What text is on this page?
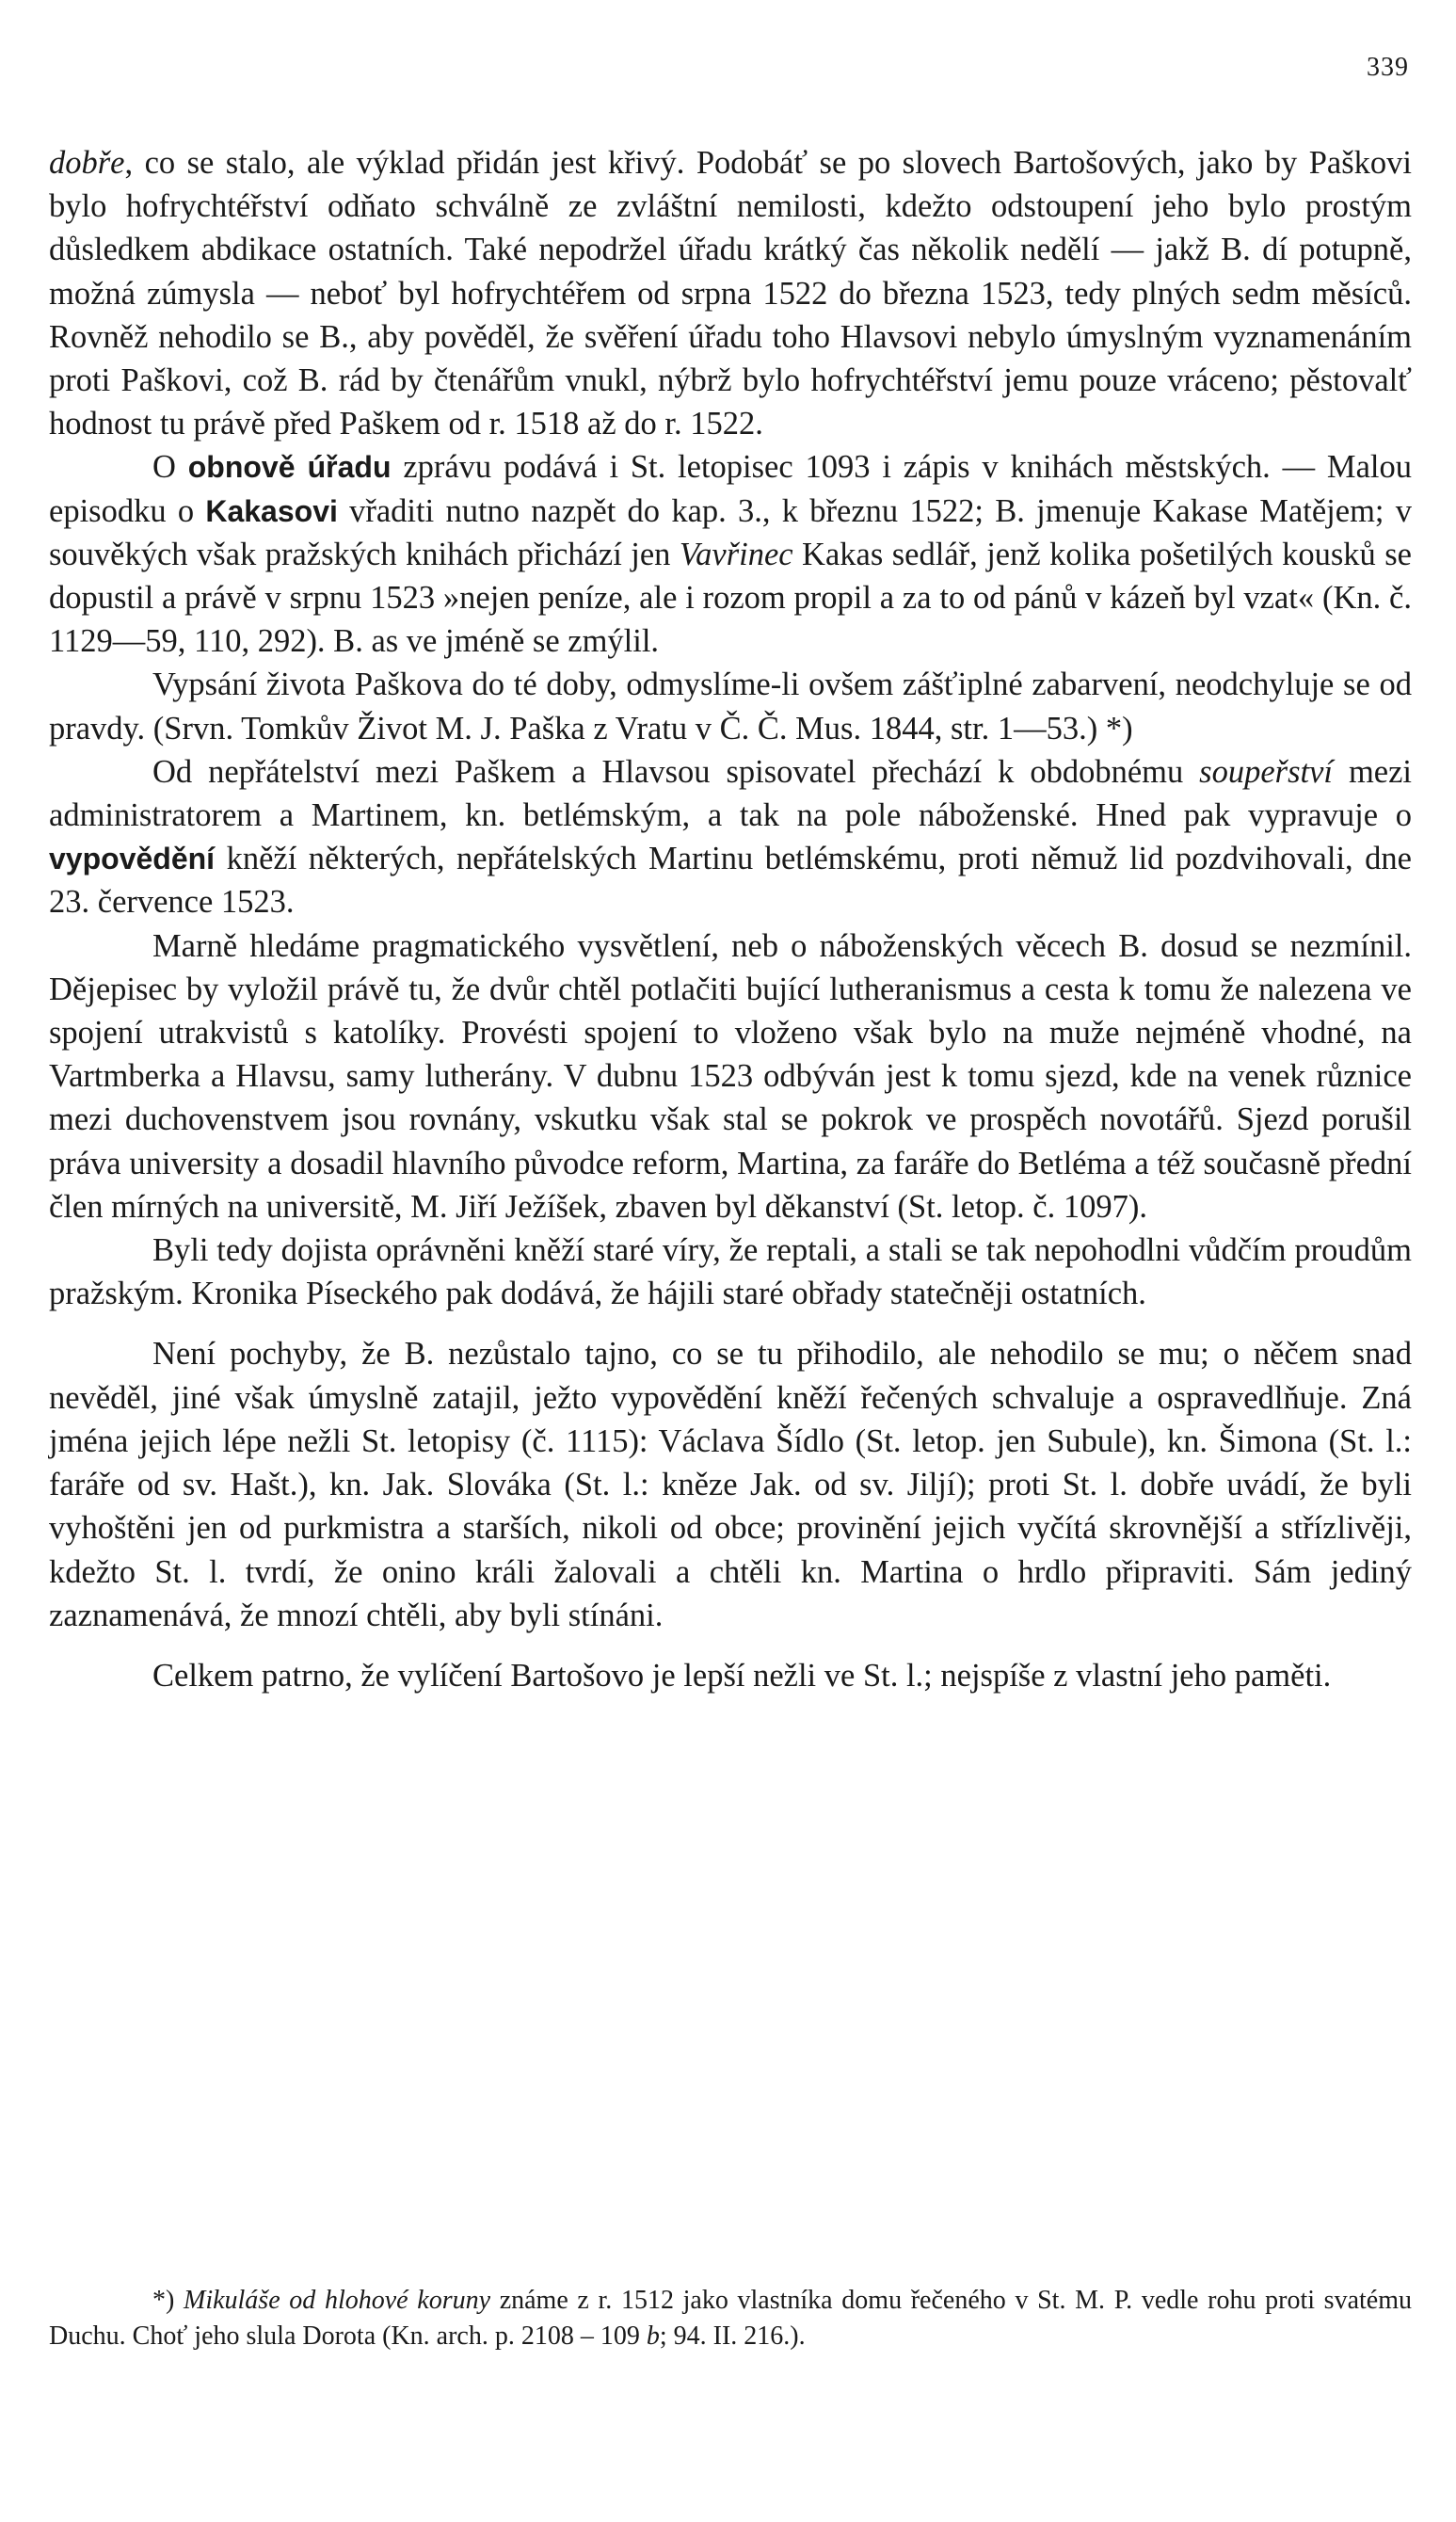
339

dobře, co se stalo, ale výklad přidán jest křivý. Podobáť se po slovech Bartošových, jako by Paškovi bylo hofrychtéřství odňato schválně ze zvláštní nemilosti, kdežto odstoupení jeho bylo prostým důsledkem abdikace ostatních. Také nepodržel úřadu krátký čas několik nedělí — jakž B. dí potupně, možná zúmysla — neboť byl hofrychtéřem od srpna 1522 do března 1523, tedy plných sedm měsíců. Rovněž nehodilo se B., aby pověděl, že svěření úřadu toho Hlavsovi nebylo úmyslným vyznamenáním proti Paškovi, což B. rád by čtenářům vnukl, nýbrž bylo hofrychtéřství jemu pouze vráceno; pěstovalť hodnost tu právě před Paškem od r. 1518 až do r. 1522.

O obnově úřadu zprávu podává i St. letopisec 1093 i zápis v knihách městských. — Malou episodku o Kakasovi vřaditi nutno nazpět do kap. 3., k březnu 1522; B. jmenuje Kakase Matějem; v souvěkých však pražských knihách přichází jen Vavřinec Kakas sedlář, jenž kolika pošetilých kousků se dopustil a právě v srpnu 1523 »nejen peníze, ale i rozom propil a za to od pánů v kázeň byl vzat« (Kn. č. 1129—59, 110, 292). B. as ve jméně se zmýlil.

Vypsání života Paškova do té doby, odmyslíme-li ovšem zášťiplné zabarvení, neodchyluje se od pravdy. (Srvn. Tomkův Život M. J. Paška z Vratu v Č. Č. Mus. 1844, str. 1—53.) *)

Od nepřátelství mezi Paškem a Hlavsou spisovatel přechází k obdobnému soupeřství mezi administratorem a Martinem, kn. betlémským, a tak na pole náboženské. Hned pak vypravuje o vypovědění kněží některých, nepřátelských Martinu betlémskému, proti němuž lid pozdvihovali, dne 23. července 1523.

Marně hledáme pragmatického vysvětlení, neb o náboženských věcech B. dosud se nezmínil. Dějepisec by vyložil právě tu, že dvůr chtěl potlačiti bující lutheranismus a cesta k tomu že nalezena ve spojení utrakvistů s katolíky. Provésti spojení to vloženo však bylo na muže nejméně vhodné, na Vartmberka a Hlavsu, samy lutherány. V dubnu 1523 odbýván jest k tomu sjezd, kde na venek různice mezi duchovenstvem jsou rovnány, vskutku však stal se pokrok ve prospěch novotářů. Sjezd porušil práva university a dosadil hlavního původce reform, Martina, za faráře do Betléma a též současně přední člen mírných na universitě, M. Jiří Ježíšek, zbaven byl děkanství (St. letop. č. 1097).

Byli tedy dojista oprávněni kněží staré víry, že reptali, a stali se tak nepohodlni vůdčím proudům pražským. Kronika Píseckého pak dodává, že hájili staré obřady statečněji ostatních.

Není pochyby, že B. nezůstalo tajno, co se tu přihodilo, ale nehodilo se mu; o něčem snad nevěděl, jiné však úmyslně zatajil, ježto vypovědění kněží řečených schvaluje a ospravedlňuje. Zná jména jejich lépe nežli St. letopisy (č. 1115): Václava Šídlo (St. letop. jen Subule), kn. Šimona (St. l.: faráře od sv. Hašt.), kn. Jak. Slováka (St. l.: kněze Jak. od sv. Jiljí); proti St. l. dobře uvádí, že byli vyhoštěni jen od purkmistra a starších, nikoli od obce; provinění jejich vyčítá skrovnější a střízlivěji, kdežto St. l. tvrdí, že onino králi žalovali a chtěli kn. Martina o hrdlo připraviti. Sám jediný zaznamenává, že mnozí chtěli, aby byli stínáni.

Celkem patrno, že vylíčení Bartošovo je lepší nežli ve St. l.; nejspíše z vlastní jeho paměti.

*) Mikuláše od hlohové koruny známe z r. 1512 jako vlastníka domu řečeného v St. M. P. vedle rohu proti svatému Duchu. Choť jeho slula Dorota (Kn. arch. p. 2108 – 109 b; 94. II. 216.).
